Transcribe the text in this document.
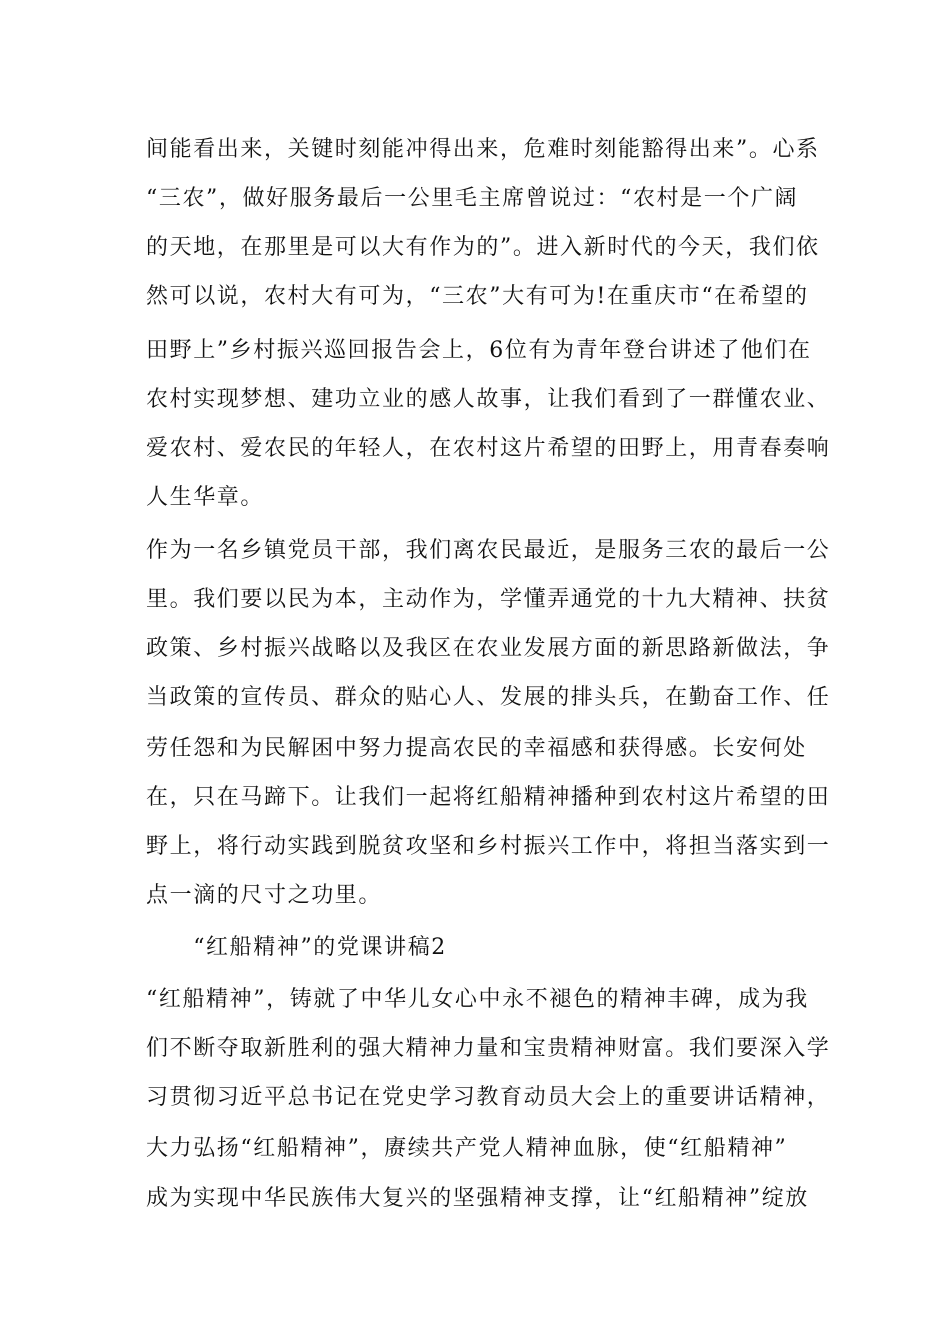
间能看出来，关键时刻能冲得出来，危难时刻能豁得出来”。心系
“三农”，做好服务最后一公里毛主席曾说过：“农村是一个广阔
的天地，在那里是可以大有作为的”。进入新时代的今天，我们依
然可以说，农村大有可为，“三农”大有可为!在重庆市“在希望的
田野上”乡村振兴巡回报告会上，6位有为青年登台讲述了他们在
农村实现梦想、建功立业的感人故事，让我们看到了一群懂农业、
爱农村、爱农民的年轻人，在农村这片希望的田野上，用青春奏响
人生华章。
作为一名乡镇党员干部，我们离农民最近，是服务三农的最后一公
里。我们要以民为本，主动作为，学懂弄通党的十九大精神、扶贫
政策、乡村振兴战略以及我区在农业发展方面的新思路新做法，争
当政策的宣传员、群众的贴心人、发展的排头兵，在勤奋工作、任
劳任怨和为民解困中努力提高农民的幸福感和获得感。长安何处
在，只在马蹄下。让我们一起将红船精神播种到农村这片希望的田
野上，将行动实践到脱贫攻坚和乡村振兴工作中，将担当落实到一
点一滴的尺寸之功里。
　　“红船精神”的党课讲稿2
“红船精神”，铸就了中华儿女心中永不褪色的精神丰碑，成为我
们不断夺取新胜利的强大精神力量和宝贵精神财富。我们要深入学
习贯彻习近平总书记在党史学习教育动员大会上的重要讲话精神，
大力弘扬“红船精神”，赓续共产党人精神血脉，使“红船精神”
成为实现中华民族伟大复兴的坚强精神支撑，让“红船精神”绽放
